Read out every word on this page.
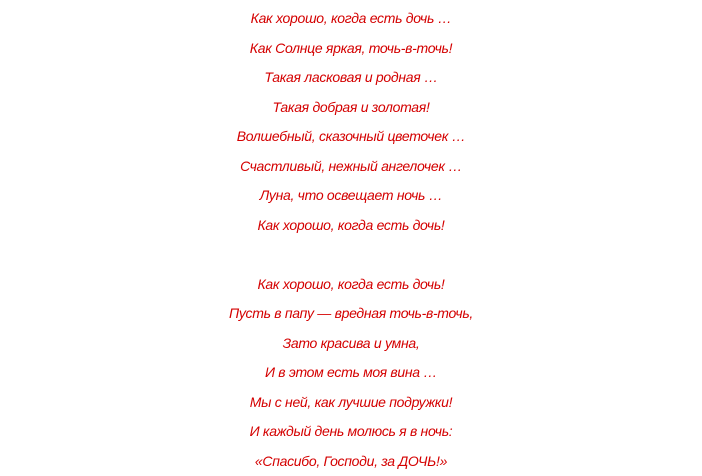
Как хорошо, когда есть дочь …
Как Солнце яркая, точь-в-точь!
Такая ласковая и родная …
Такая добрая и золотая!
Волшебный, сказочный цветочек …
Счастливый, нежный ангелочек …
Луна, что освещает ночь …
Как хорошо, когда есть дочь!
Как хорошо, когда есть дочь!
Пусть в папу — вредная точь-в-точь,
Зато красива и умна,
И в этом есть моя вина …
Мы с ней, как лучшие подружки!
И каждый день молюсь я в ночь:
«Спасибо, Господи, за ДОЧЬ!»
